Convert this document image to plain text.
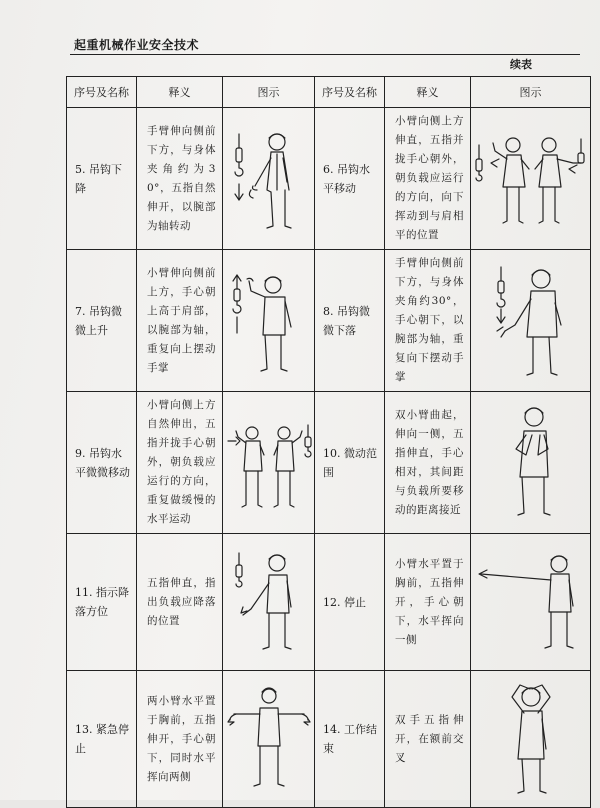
起重机械作业安全技术
续表
序号及名称	释义	图示	序号及名称	释义	图示
5. 吊钩下降	手臂伸向侧前下方，与身体夹角约为30°，五指自然伸开，以腕部为轴转动		6. 吊钩水平移动	小臂向侧上方伸直，五指并拢手心朝外，朝负载应运行的方向，向下挥动到与肩相平的位置	

7. 吊钩微微上升	小臂伸向侧前上方，手心朝上高于肩部，以腕部为轴，重复向上摆动手掌		8. 吊钩微微下落	手臂伸向侧前下方，与身体夹角约30°，手心朝下，以腕部为轴，重复向下摆动手掌	

9. 吊钩水平微微移动	小臂向侧上方自然伸出，五指并拢手心朝外，朝负载应运行的方向，重复做缓慢的水平运动		10. 微动范围	双小臂曲起，伸向一侧，五指伸直，手心相对，其间距与负载所要移动的距离接近	

11. 指示降落方位	五指伸直，指出负载应降落的位置		12. 停止	小臂水平置于胸前，五指伸开，手心朝下，水平挥向一侧	

13. 紧急停止	两小臂水平置于胸前，五指伸开，手心朝下，同时水平挥向两侧		14. 工作结束	双手五指伸开，在额前交叉	
